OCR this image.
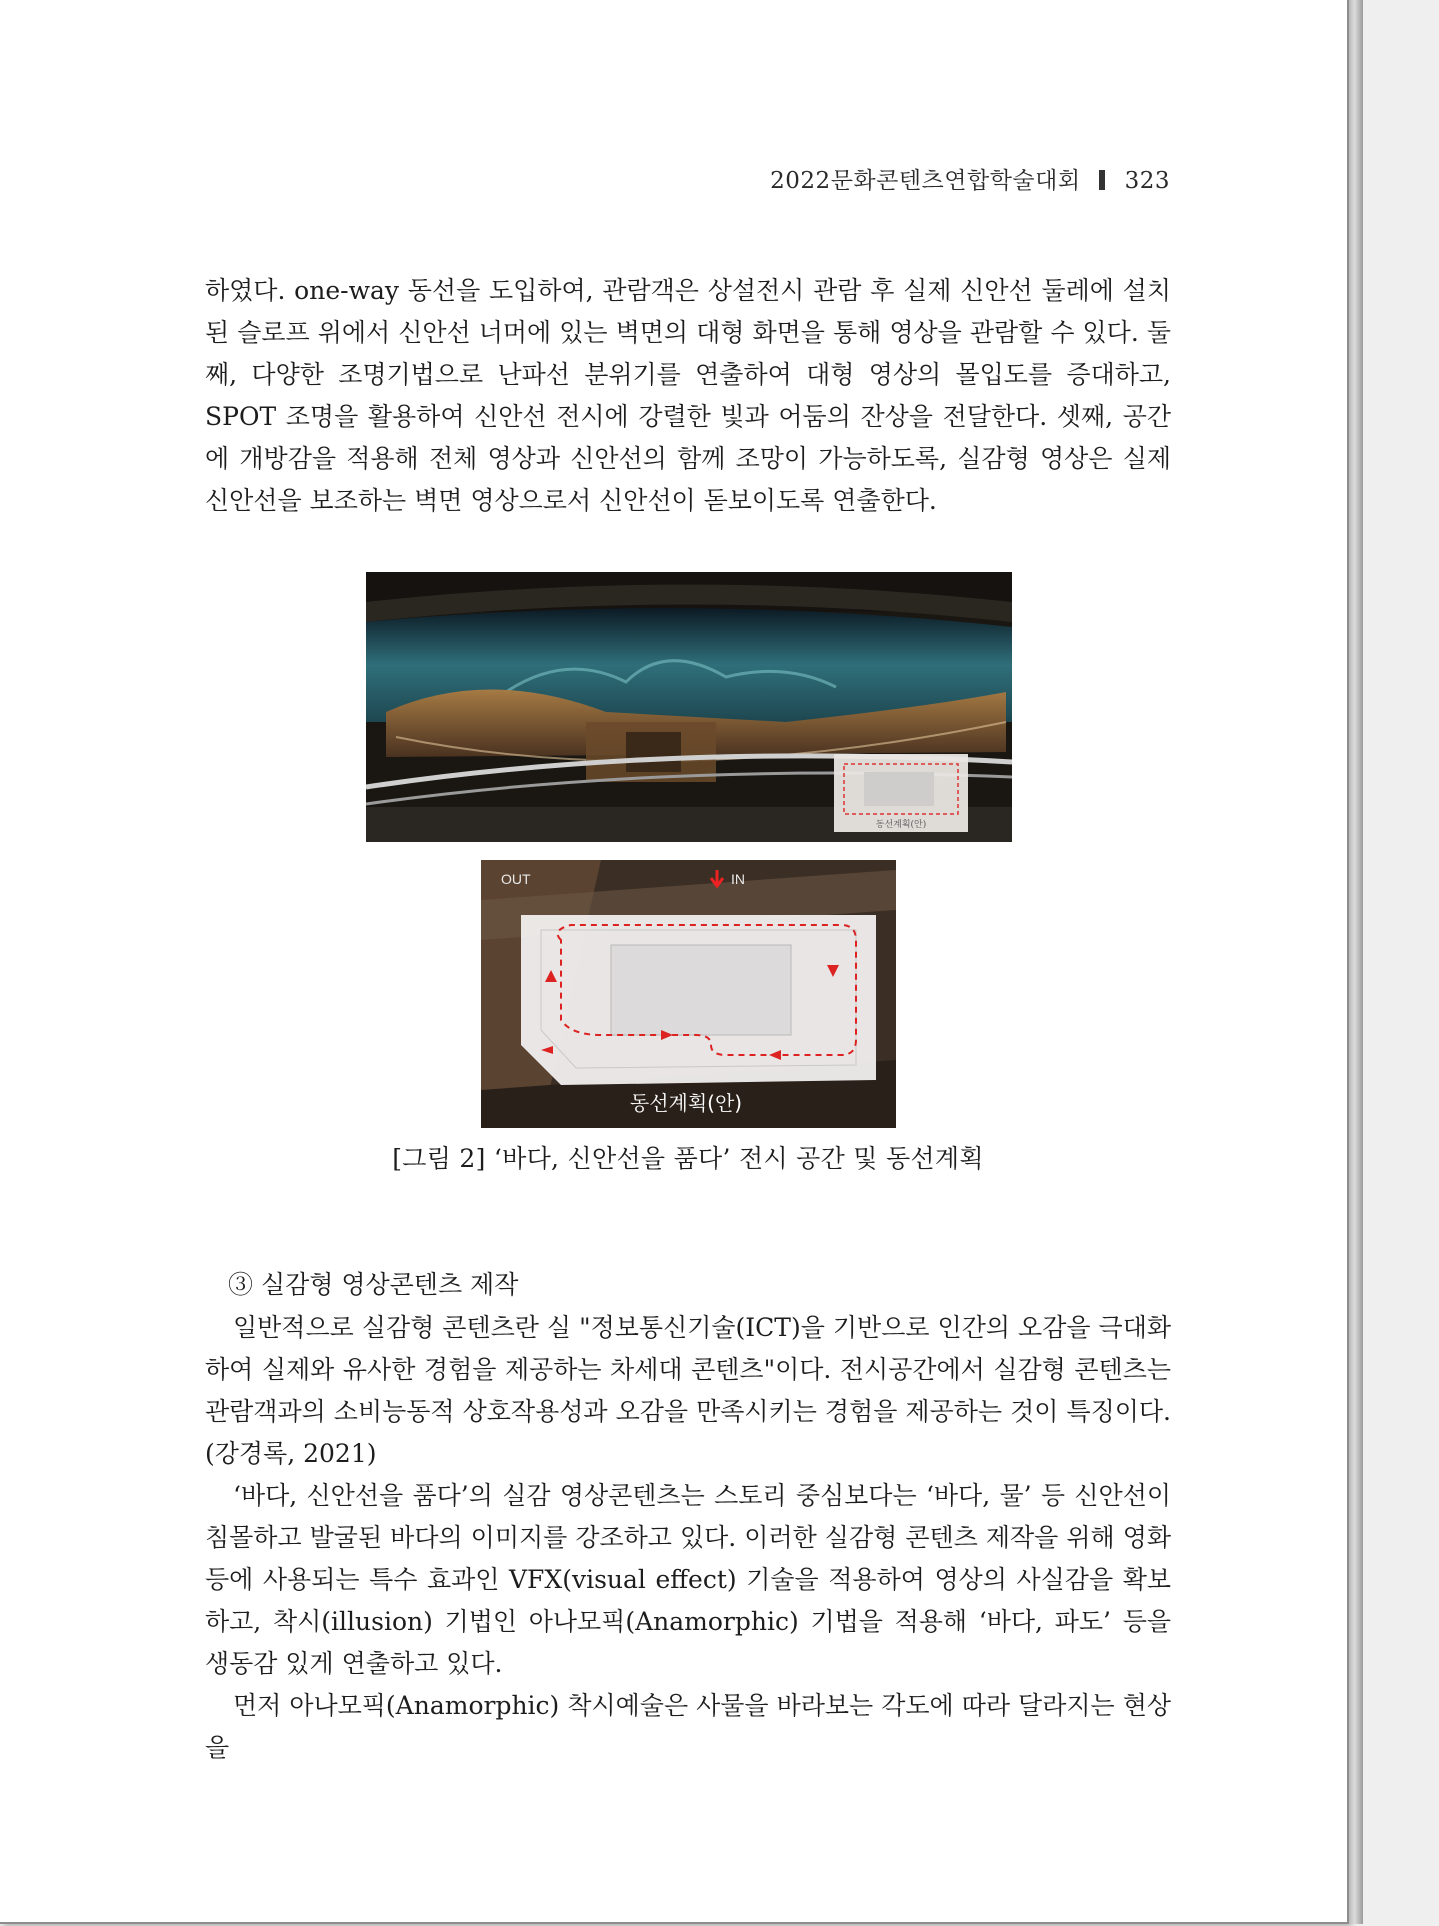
2022문화콘텐츠연합학술대회 323

하였다. one-way 동선을 도입하여, 관람객은 상설전시 관람 후 실제 신안선 둘레에 설치된 슬로프 위에서 신안선 너머에 있는 벽면의 대형 화면을 통해 영상을 관람할 수 있다. 둘째, 다양한 조명기법으로 난파선 분위기를 연출하여 대형 영상의 몰입도를 증대하고, SPOT 조명을 활용하여 신안선 전시에 강렬한 빛과 어둠의 잔상을 전달한다. 셋째, 공간에 개방감을 적용해 전체 영상과 신안선의 함께 조망이 가능하도록, 실감형 영상은 실제 신안선을 보조하는 벽면 영상으로서 신안선이 돋보이도록 연출한다.

동선계획(안)
OUT	IN
동선계획(안)
[그림 2] ‘바다, 신안선을 품다’ 전시 공간 및 동선계획
③ 실감형 영상콘텐츠 제작

일반적으로 실감형 콘텐츠란 실 "정보통신기술(ICT)을 기반으로 인간의 오감을 극대화하여 실제와 유사한 경험을 제공하는 차세대 콘텐츠"이다. 전시공간에서 실감형 콘텐츠는 관람객과의 소비능동적 상호작용성과 오감을 만족시키는 경험을 제공하는 것이 특징이다.(강경록, 2021)

‘바다, 신안선을 품다’의 실감 영상콘텐츠는 스토리 중심보다는 ‘바다, 물’ 등 신안선이 침몰하고 발굴된 바다의 이미지를 강조하고 있다. 이러한 실감형 콘텐츠 제작을 위해 영화 등에 사용되는 특수 효과인 VFX(visual effect) 기술을 적용하여 영상의 사실감을 확보하고, 착시(illusion) 기법인 아나모픽(Anamorphic) 기법을 적용해 ‘바다, 파도’ 등을 생동감 있게 연출하고 있다.

먼저 아나모픽(Anamorphic) 착시예술은 사물을 바라보는 각도에 따라 달라지는 현상을
